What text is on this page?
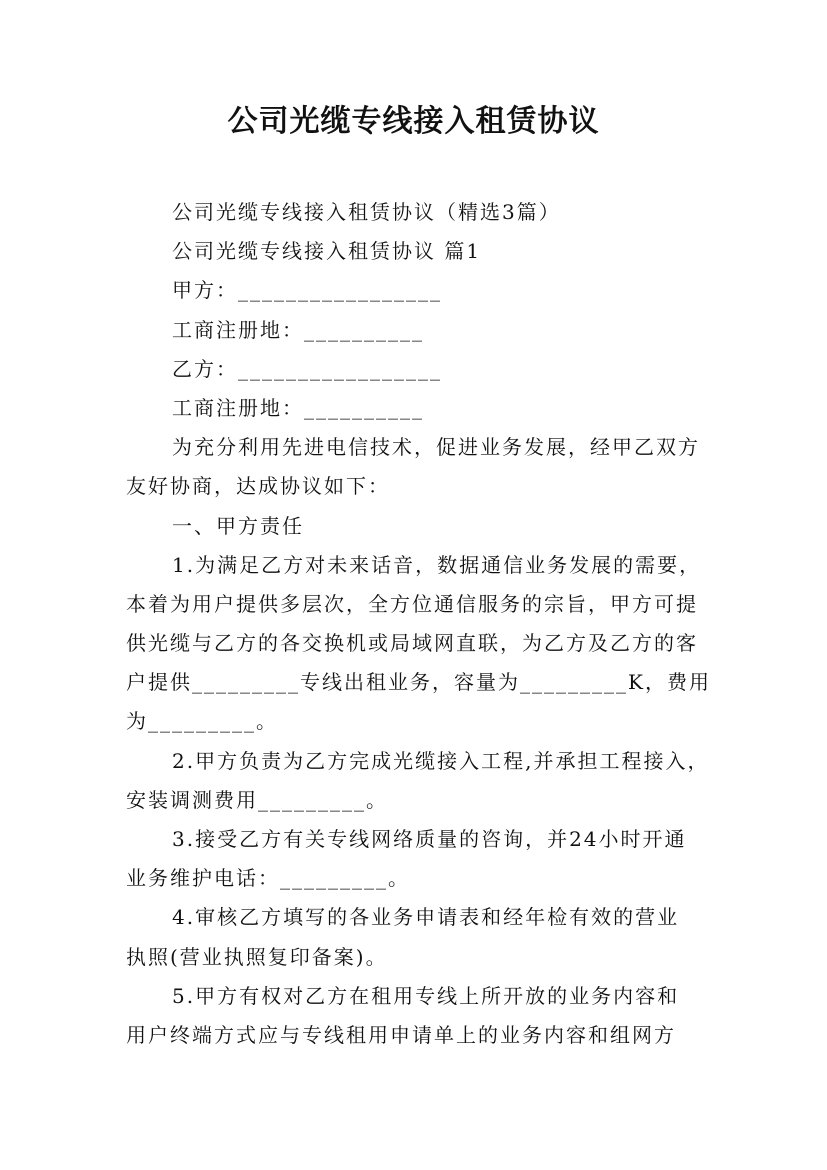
公司光缆专线接入租赁协议
公司光缆专线接入租赁协议（精选3篇）
公司光缆专线接入租赁协议 篇1
甲方：_________________
工商注册地：__________
乙方：_________________
工商注册地：__________
为充分利用先进电信技术，促进业务发展，经甲乙双方
友好协商，达成协议如下：
一、甲方责任
1.为满足乙方对未来话音，数据通信业务发展的需要，
本着为用户提供多层次，全方位通信服务的宗旨，甲方可提
供光缆与乙方的各交换机或局域网直联，为乙方及乙方的客
户提供_________专线出租业务，容量为_________K，费用
为_________。
2.甲方负责为乙方完成光缆接入工程,并承担工程接入，
安装调测费用_________。
3.接受乙方有关专线网络质量的咨询，并24小时开通
业务维护电话：_________。
4.审核乙方填写的各业务申请表和经年检有效的营业
执照(营业执照复印备案)。
5.甲方有权对乙方在租用专线上所开放的业务内容和
用户终端方式应与专线租用申请单上的业务内容和组网方
